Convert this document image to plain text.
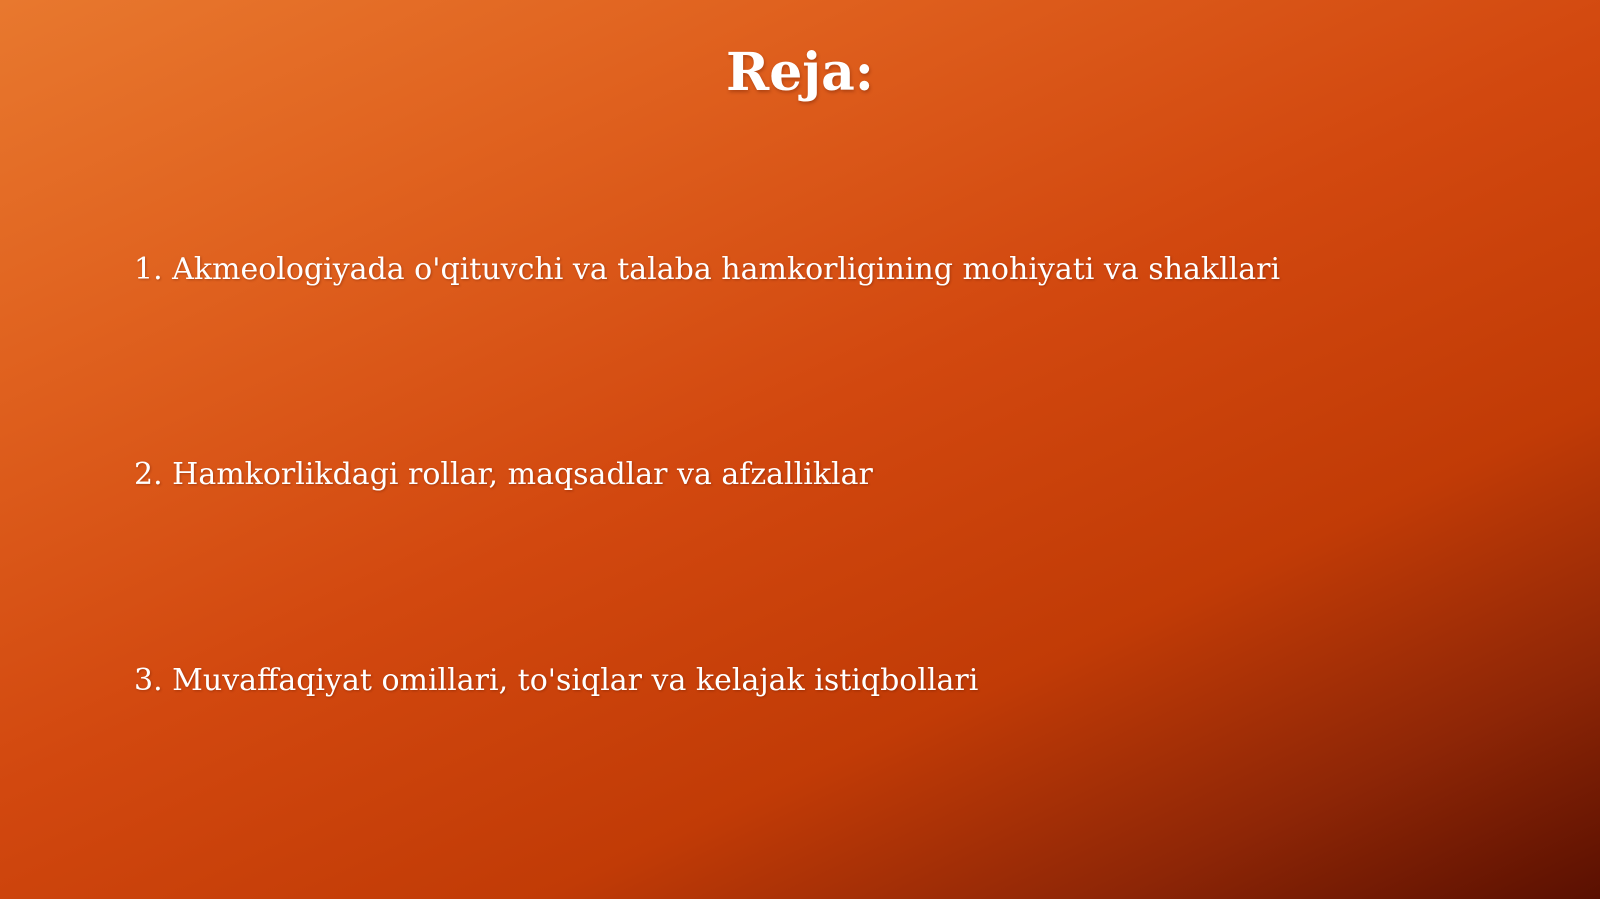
Reja:
1. Akmeologiyada o'qituvchi va talaba hamkorligining mohiyati va shakllari
2. Hamkorlikdagi rollar, maqsadlar va afzalliklar
3. Muvaffaqiyat omillari, to'siqlar va kelajak istiqbollari
